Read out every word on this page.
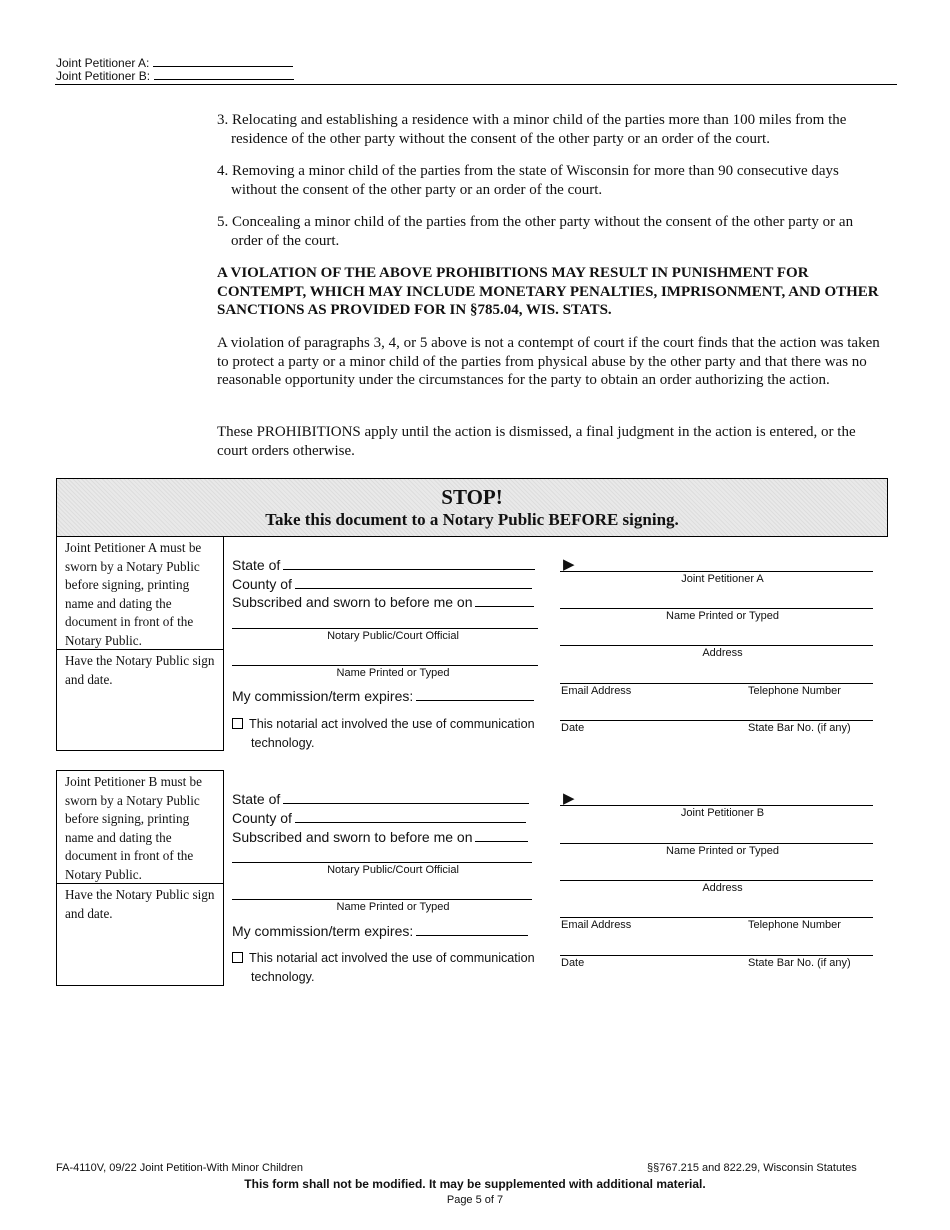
Joint Petitioner A:
Joint Petitioner B:
3. Relocating and establishing a residence with a minor child of the parties more than 100 miles from the residence of the other party without the consent of the other party or an order of the court.
4. Removing a minor child of the parties from the state of Wisconsin for more than 90 consecutive days without the consent of the other party or an order of the court.
5. Concealing a minor child of the parties from the other party without the consent of the other party or an order of the court.
A VIOLATION OF THE ABOVE PROHIBITIONS MAY RESULT IN PUNISHMENT FOR CONTEMPT, WHICH MAY INCLUDE MONETARY PENALTIES, IMPRISONMENT, AND OTHER SANCTIONS AS PROVIDED FOR IN §785.04, WIS. STATS.
A violation of paragraphs 3, 4, or 5 above is not a contempt of court if the court finds that the action was taken to protect a party or a minor child of the parties from physical abuse by the other party and that there was no reasonable opportunity under the circumstances for the party to obtain an order authorizing the action.
These PROHIBITIONS apply until the action is dismissed, a final judgment in the action is entered, or the court orders otherwise.
STOP!
Take this document to a Notary Public BEFORE signing.
Joint Petitioner A must be sworn by a Notary Public before signing, printing name and dating the document in front of the Notary Public.
Have the Notary Public sign and date.
State of
County of
Subscribed and sworn to before me on
Notary Public/Court Official
Name Printed or Typed
My commission/term expires:
This notarial act involved the use of communication technology.
▶
Joint Petitioner A
Name Printed or Typed
Address
Email Address	Telephone Number
Date	State Bar No. (if any)
Joint Petitioner B must be sworn by a Notary Public before signing, printing name and dating the document in front of the Notary Public.
Have the Notary Public sign and date.
State of
County of
Subscribed and sworn to before me on
Notary Public/Court Official
Name Printed or Typed
My commission/term expires:
This notarial act involved the use of communication technology.
▶
Joint Petitioner B
Name Printed or Typed
Address
Email Address	Telephone Number
Date	State Bar No. (if any)
FA-4110V, 09/22 Joint Petition-With Minor Children	§§767.215 and 822.29, Wisconsin Statutes
This form shall not be modified. It may be supplemented with additional material.
Page 5 of 7
